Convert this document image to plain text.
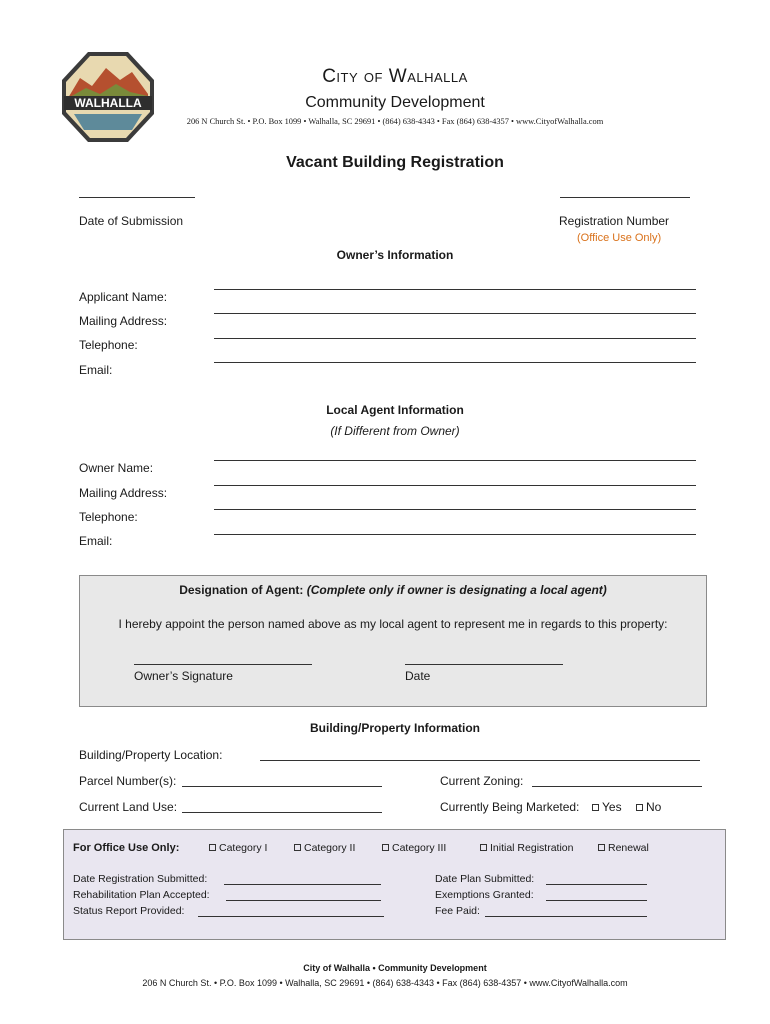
WALHALLA
City of Walhalla
Community Development
206 N Church St. • P.O. Box 1099 • Walhalla, SC 29691 • (864) 638-4343 • Fax (864) 638-4357 • www.CityofWalhalla.com
Vacant Building Registration
Date of Submission	Registration Number
(Office Use Only)
Owner’s Information
Applicant Name:
Mailing Address:
Telephone:
Email:
Local Agent Information
(If Different from Owner)
Owner Name:
Mailing Address:
Telephone:
Email:
Designation of Agent: (Complete only if owner is designating a local agent)
I hereby appoint the person named above as my local agent to represent me in regards to this property:
Owner’s Signature	Date
Building/Property Information
Building/Property Location:
Parcel Number(s):	Current Zoning:
Current Land Use:	Currently Being Marketed:	Yes	No
For Office Use Only:	Category I	Category II	Category III	Initial Registration	Renewal
Date Registration Submitted:
Rehabilitation Plan Accepted:
Status Report Provided:
Date Plan Submitted:
Exemptions Granted:
Fee Paid:
City of Walhalla • Community Development
206 N Church St. • P.O. Box 1099 • Walhalla, SC 29691 • (864) 638-4343 • Fax (864) 638-4357 • www.CityofWalhalla.com
